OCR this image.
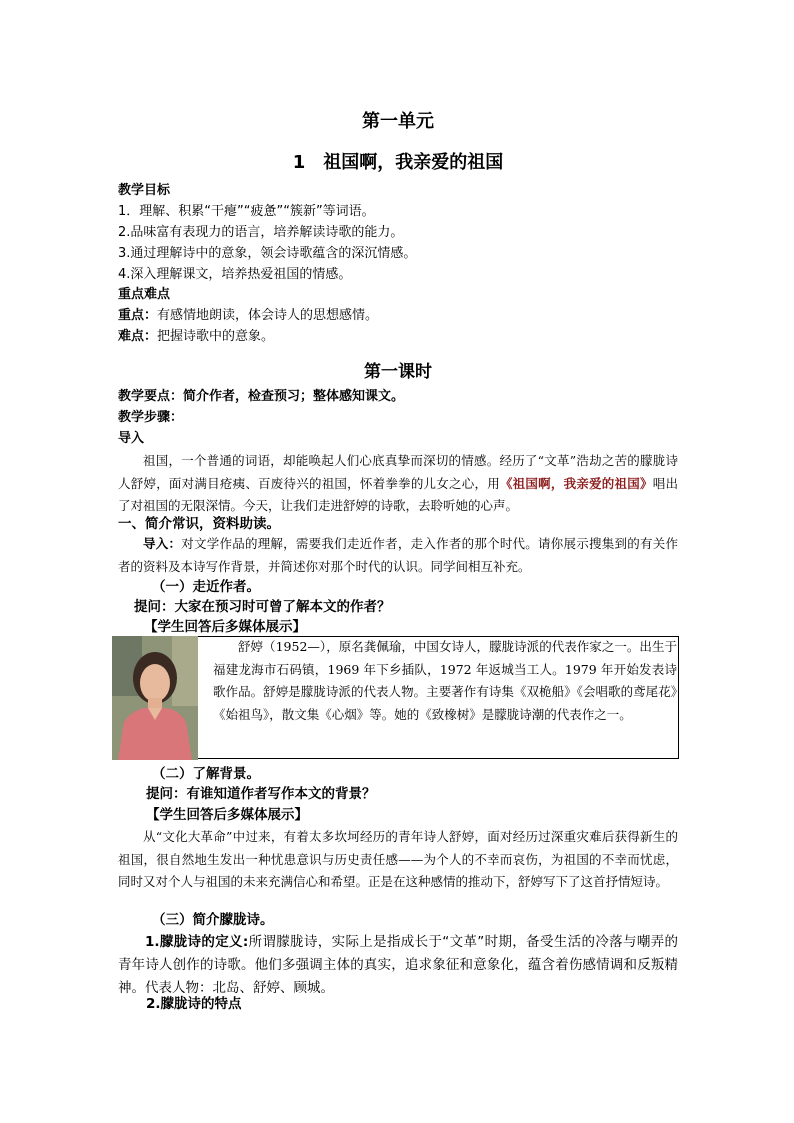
第一单元
1　祖国啊，我亲爱的祖国
教学目标
1．理解、积累“干瘪”“疲惫”“簇新”等词语。
2.品味富有表现力的语言，培养解读诗歌的能力。
3.通过理解诗中的意象，领会诗歌蕴含的深沉情感。
4.深入理解课文，培养热爱祖国的情感。
重点难点
重点：有感情地朗读，体会诗人的思想感情。
难点：把握诗歌中的意象。
第一课时
教学要点：简介作者，检查预习；整体感知课文。
教学步骤：
导入
祖国，一个普通的词语，却能唤起人们心底真挚而深切的情感。经历了“文革”浩劫之苦的朦胧诗人舒婷，面对满目疮痍、百废待兴的祖国，怀着拳拳的儿女之心，用《祖国啊，我亲爱的祖国》唱出了对祖国的无限深情。今天，让我们走进舒婷的诗歌，去聆听她的心声。
一、简介常识，资料助读。
导入：对文学作品的理解，需要我们走近作者，走入作者的那个时代。请你展示搜集到的有关作者的资料及本诗写作背景，并简述你对那个时代的认识。同学间相互补充。
（一）走近作者。
提问：大家在预习时可曾了解本文的作者？
【学生回答后多媒体展示】
舒婷（1952—），原名龚佩瑜，中国女诗人，朦胧诗派的代表作家之一。出生于福建龙海市石码镇，1969 年下乡插队，1972 年返城当工人。1979 年开始发表诗歌作品。舒婷是朦胧诗派的代表人物。主要著作有诗集《双桅船》《会唱歌的鸢尾花》《始祖鸟》，散文集《心烟》等。她的《致橡树》是朦胧诗潮的代表作之一。
（二）了解背景。
提问：有谁知道作者写作本文的背景？
【学生回答后多媒体展示】
从“文化大革命”中过来，有着太多坎坷经历的青年诗人舒婷，面对经历过深重灾难后获得新生的祖国，很自然地生发出一种忧患意识与历史责任感——为个人的不幸而哀伤，为祖国的不幸而忧虑，同时又对个人与祖国的未来充满信心和希望。正是在这种感情的推动下，舒婷写下了这首抒情短诗。
（三）简介朦胧诗。
1.朦胧诗的定义:所谓朦胧诗，实际上是指成长于“文革”时期，备受生活的冷落与嘲弄的青年诗人创作的诗歌。他们多强调主体的真实，追求象征和意象化，蕴含着伤感情调和反叛精神。代表人物：北岛、舒婷、顾城。
2.朦胧诗的特点
